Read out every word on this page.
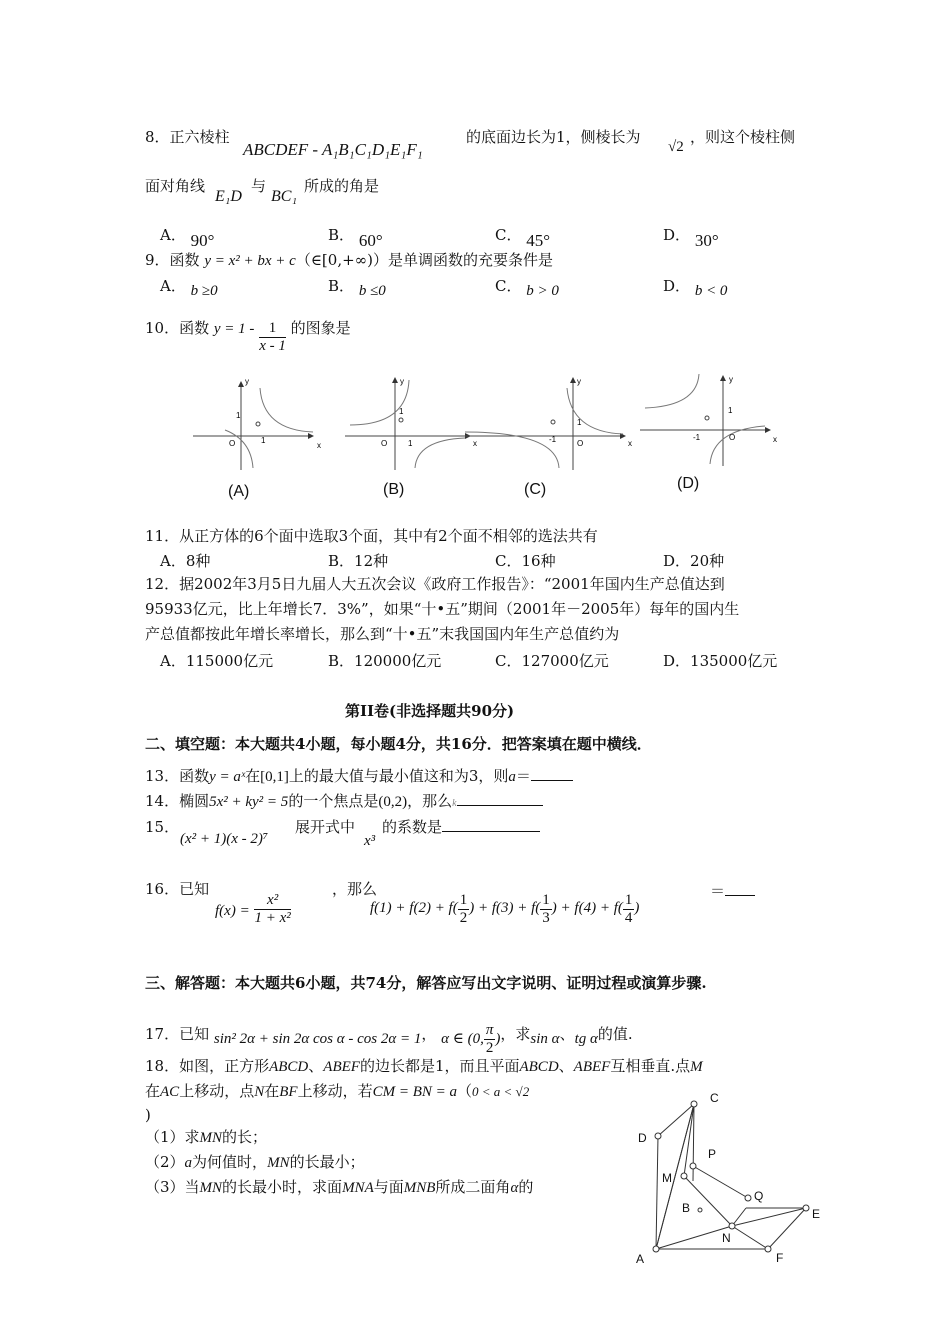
8．正六棱柱
ABCDEF - A₁B₁C₁D₁E₁F₁
的底面边长为1，侧棱长为
√2
，则这个棱柱侧
面对角线
E₁D
与
BC₁
所成的角是
A． 90°	B． 60°	C． 45°	D． 30°
9．函数 y = x² + bx + c（∈[0,+∞)）是单调函数的充要条件是
A． b ≥0	B． b ≤0	C． b > 0	D． b < 0
10．函数 $y = 1 - \frac{1}{x - 1}$ 的图象是
y
x
O
1
1
y
x
O
1
1
y
x
-1	O
1
y
x
-1	O
1
(A)	(B)	(C)	(D)
11．从正方体的6个面中选取3个面，其中有2个面不相邻的选法共有
A．8种	B．12种	C．16种	D．20种
12．据2002年3月5日九届人大五次会议《政府工作报告》：“2001年国内生产总值达到
95933亿元，比上年增长7．3%”，如果“十•五”期间（2001年－2005年）每年的国内生
产总值都按此年增长率增长，那么到“十•五”末我国国内年生产总值约为
A．115000亿元	B．120000亿元	C．127000亿元	D．135000亿元
第II卷(非选择题共90分)
二、填空题：本大题共4小题，每小题4分，共16分．把答案填在题中横线．
13．函数y = aˣ在[0,1]上的最大值与最小值这和为3，则a＝
14．椭圆5x² + ky² = 5的一个焦点是(0,2)，那么k
15．
(x² + 1)(x - 2)⁷
展开式中
x³
的系数是
16．已知
$f(x) = \frac{\text{x²}}{\text{1 + x²}}$
，那么
$f(1) + f(2) + f( \frac{1}{2}$ ) + $f(3) + f( \frac{1}{3}$ ) + $f(4) + f( \frac{1}{4}$ )
＝
三、解答题：本大题共6小题，共74分，解答应写出文字说明、证明过程或演算步骤.
17．已知 sin² 2α + sin 2α cos α - cos 2α = 1， α ∈ (0, $\frac{\pi}{2}$ )，求sin α、tg α的值.
18．如图，正方形ABCD、ABEF的边长都是1，而且平面ABCD、ABEF互相垂直.点M
在AC上移动，点N在BF上移动，若CM = BN = a（0 < a < √2
)
（1）求MN的长；
（2）a为何值时，MN的长最小；
（3）当MN的长最小时，求面MNA与面MNB所成二面角α的
C
D
P
M
Q
B	E
N
A	F
